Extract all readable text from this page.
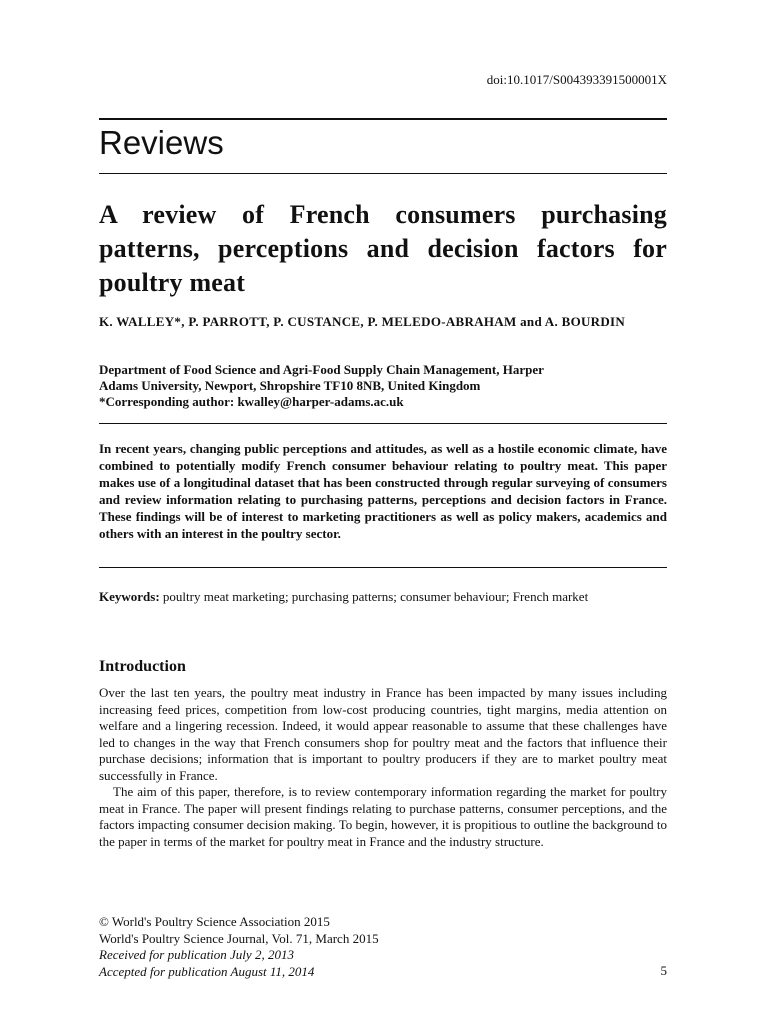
doi:10.1017/S004393391500001X
Reviews
A review of French consumers purchasing patterns, perceptions and decision factors for poultry meat
K. WALLEY*, P. PARROTT, P. CUSTANCE, P. MELEDO-ABRAHAM and A. BOURDIN
Department of Food Science and Agri-Food Supply Chain Management, Harper
Adams University, Newport, Shropshire TF10 8NB, United Kingdom
*Corresponding author: kwalley@harper-adams.ac.uk
In recent years, changing public perceptions and attitudes, as well as a hostile economic climate, have combined to potentially modify French consumer behaviour relating to poultry meat. This paper makes use of a longitudinal dataset that has been constructed through regular surveying of consumers and review information relating to purchasing patterns, perceptions and decision factors in France. These findings will be of interest to marketing practitioners as well as policy makers, academics and others with an interest in the poultry sector.
Keywords: poultry meat marketing; purchasing patterns; consumer behaviour; French market
Introduction

Over the last ten years, the poultry meat industry in France has been impacted by many issues including increasing feed prices, competition from low-cost producing countries, tight margins, media attention on welfare and a lingering recession. Indeed, it would appear reasonable to assume that these challenges have led to changes in the way that French consumers shop for poultry meat and the factors that influence their purchase decisions; information that is important to poultry producers if they are to market poultry meat successfully in France.

The aim of this paper, therefore, is to review contemporary information regarding the market for poultry meat in France. The paper will present findings relating to purchase patterns, consumer perceptions, and the factors impacting consumer decision making. To begin, however, it is propitious to outline the background to the paper in terms of the market for poultry meat in France and the industry structure.

© World's Poultry Science Association 2015
World's Poultry Science Journal, Vol. 71, March 2015
Received for publication July 2, 2013
Accepted for publication August 11, 2014	5
